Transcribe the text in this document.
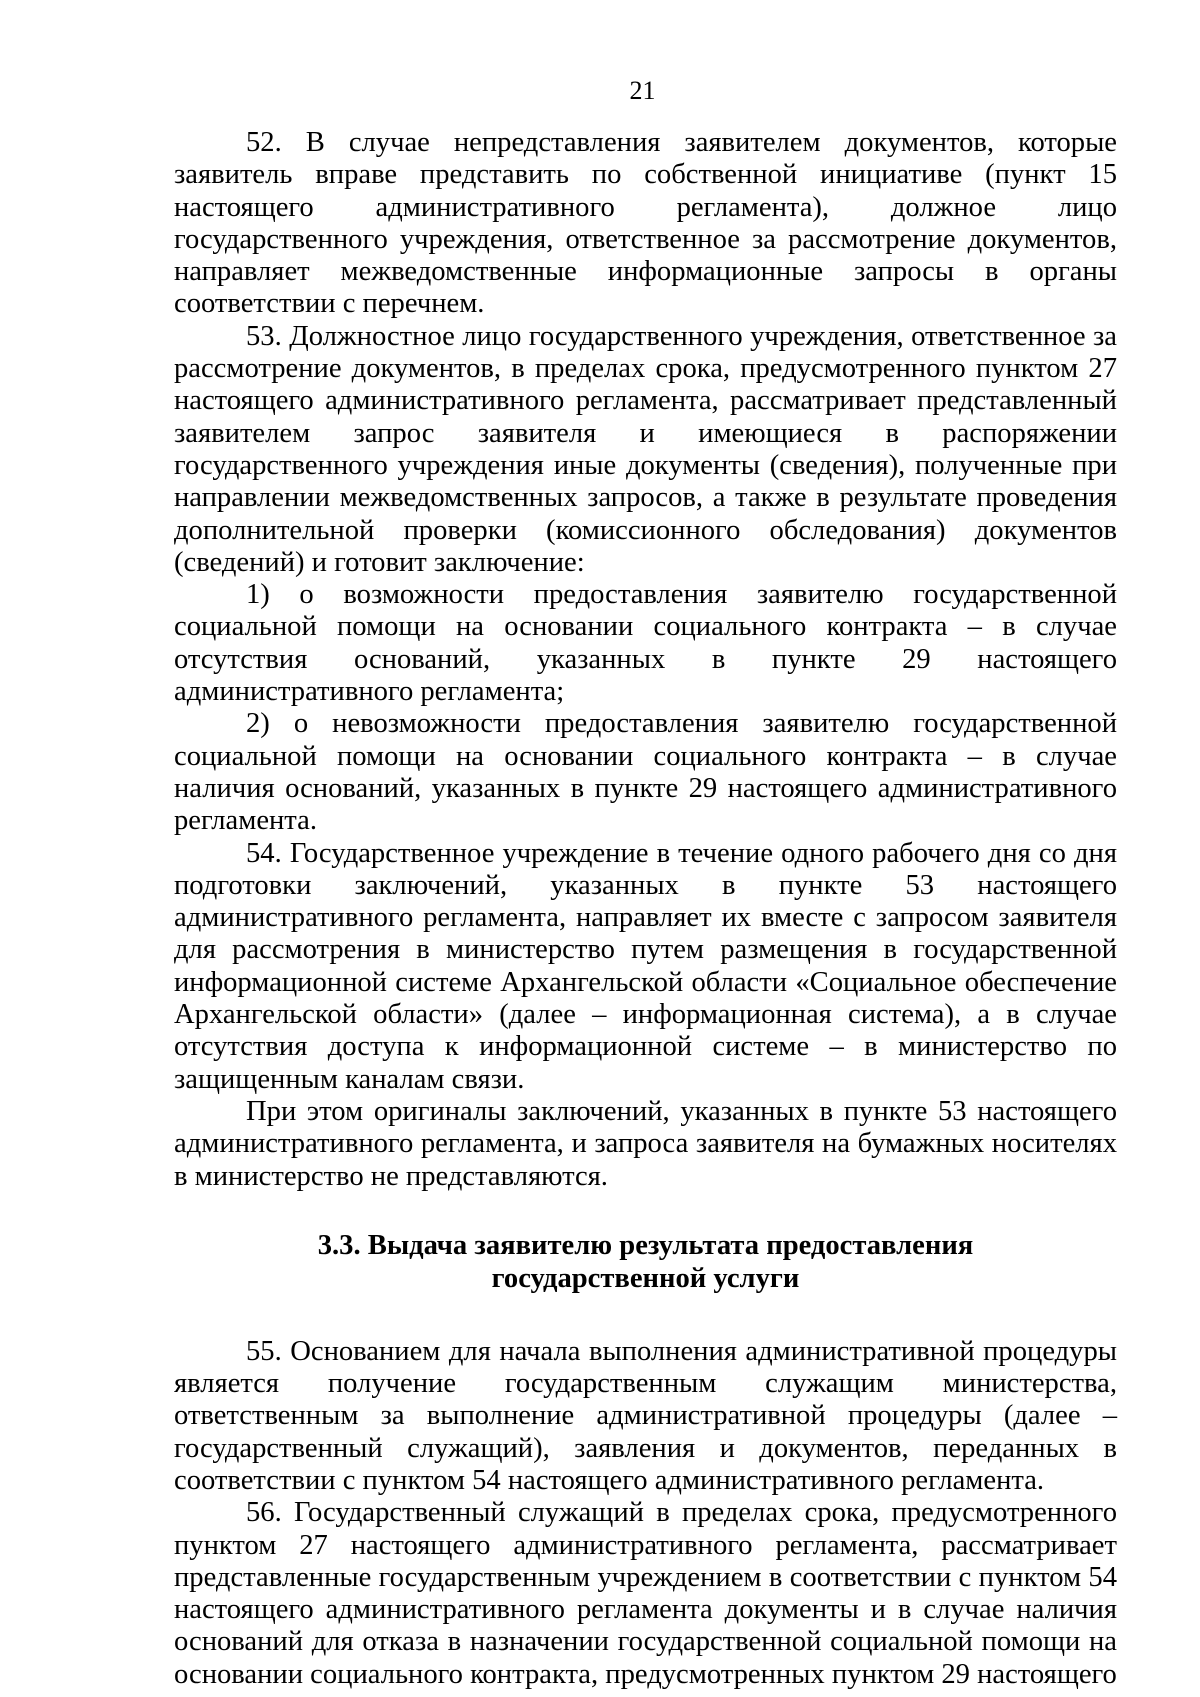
21

52. В случае непредставления заявителем документов, которые заявитель вправе представить по собственной инициативе (пункт 15 настоящего административного регламента), должное лицо государственного учреждения, ответственное за рассмотрение документов, направляет межведомственные информационные запросы в органы соответствии с перечнем.

53. Должностное лицо государственного учреждения, ответственное за рассмотрение документов, в пределах срока, предусмотренного пунктом 27 настоящего административного регламента, рассматривает представленный заявителем запрос заявителя и имеющиеся в распоряжении государственного учреждения иные документы (сведения), полученные при направлении межведомственных запросов, а также в результате проведения дополнительной проверки (комиссионного обследования) документов (сведений) и готовит заключение:

1) о возможности предоставления заявителю государственной социальной помощи на основании социального контракта – в случае отсутствия оснований, указанных в пункте 29 настоящего административного регламента;

2) о невозможности предоставления заявителю государственной социальной помощи на основании социального контракта – в случае наличия оснований, указанных в пункте 29 настоящего административного регламента.

54. Государственное учреждение в течение одного рабочего дня со дня подготовки заключений, указанных в пункте 53 настоящего административного регламента, направляет их вместе с запросом заявителя для рассмотрения в министерство путем размещения в государственной информационной системе Архангельской области «Социальное обеспечение Архангельской области» (далее – информационная система), а в случае отсутствия доступа к информационной системе – в министерство по защищенным каналам связи.

При этом оригиналы заключений, указанных в пункте 53 настоящего административного регламента, и запроса заявителя на бумажных носителях в министерство не представляются.

3.3. Выдача заявителю результата предоставления
государственной услуги

55. Основанием для начала выполнения административной процедуры является получение государственным служащим министерства, ответственным за выполнение административной процедуры (далее – государственный служащий), заявления и документов, переданных в соответствии с пунктом 54 настоящего административного регламента.

56. Государственный служащий в пределах срока, предусмотренного пунктом 27 настоящего административного регламента, рассматривает представленные государственным учреждением в соответствии с пунктом 54 настоящего административного регламента документы и в случае наличия оснований для отказа в назначении государственной социальной помощи на основании социального контракта, предусмотренных пунктом 29 настоящего
